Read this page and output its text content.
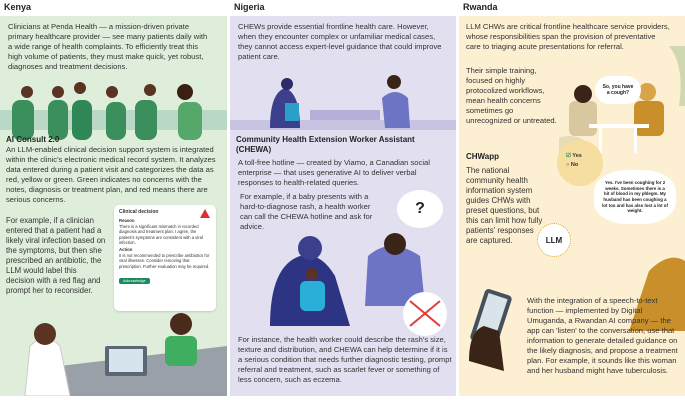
Kenya
Clinicians at Penda Health — a mission-driven private primary healthcare provider — see many patients daily with a wide range of health complaints. To efficiently treat this high volume of patients, they must make quick, yet robust, diagnoses and treatment decisions.
AI Consult 2.0
An LLM-enabled clinical decision support system is integrated within the clinic's electronic medical record system. It analyzes data entered during a patient visit and categorizes the data as red, yellow or green. Green indicates no concerns with the notes, diagnosis or treatment plan, and red means there are serious concerns.
For example, if a clinician entered that a patient had a likely viral infection based on the symptoms, but then she prescribed an antibiotic, the LLM would label this decision with a red flag and prompt her to reconsider.
Clinical decision
Reason
There is a significant mismatch in recorded diagnosis and treatment plan. I agree, the patient's symptoms are consistent with a viral infection.
Action
It is not recommended to prescribe antibiotics for viral illnesses. Consider removing that prescription. Further evaluation may be required.
Acknowledge
Nigeria
CHEWs provide essential frontline health care. However, when they encounter complex or unfamiliar medical cases, they cannot access expert-level guidance that could improve patient care.
Community Health Extension Worker Assistant (CHEWA)
A toll-free hotline — created by Viamo, a Canadian social enterprise — that uses generative AI to deliver verbal responses to health-related queries.
For example, if a baby presents with a hard-to-diagnose rash, a health worker can call the CHEWA hotline and ask for advice.
?
For instance, the health worker could describe the rash's size, texture and distribution, and CHEWA can help determine if it is a serious condition that needs further diagnostic testing, prompt referral and treatment, such as scarlet fever or something of less concern, such as eczema.
Rwanda
LLM CHWs are critical frontline healthcare service providers, whose responsibilities span the provision of preventative care to triaging acute presentations for referral.
Their simple training, focused on highly protocolized workflows, mean health concerns sometimes go unrecognized or untreated.
So, you have a cough?
CHWapp
The national community health information system guides CHWs with preset questions, but this can limit how fully patients' responses are captured.
☑ Yes
○ No
Yes. I've been coughing for 2 weeks. Sometimes there is a bit of blood in my phlegm. My husband has been coughing a lot too and has also lost a lot of weight.
LLM
With the integration of a speech-to-text function — implemented by Digital Umuganda, a Rwandan AI company — the app can 'listen' to the conversation, use that information to generate detailed guidance on the likely diagnosis, and propose a treatment plan. For example, it sounds like this woman and her husband might have tuberculosis.
